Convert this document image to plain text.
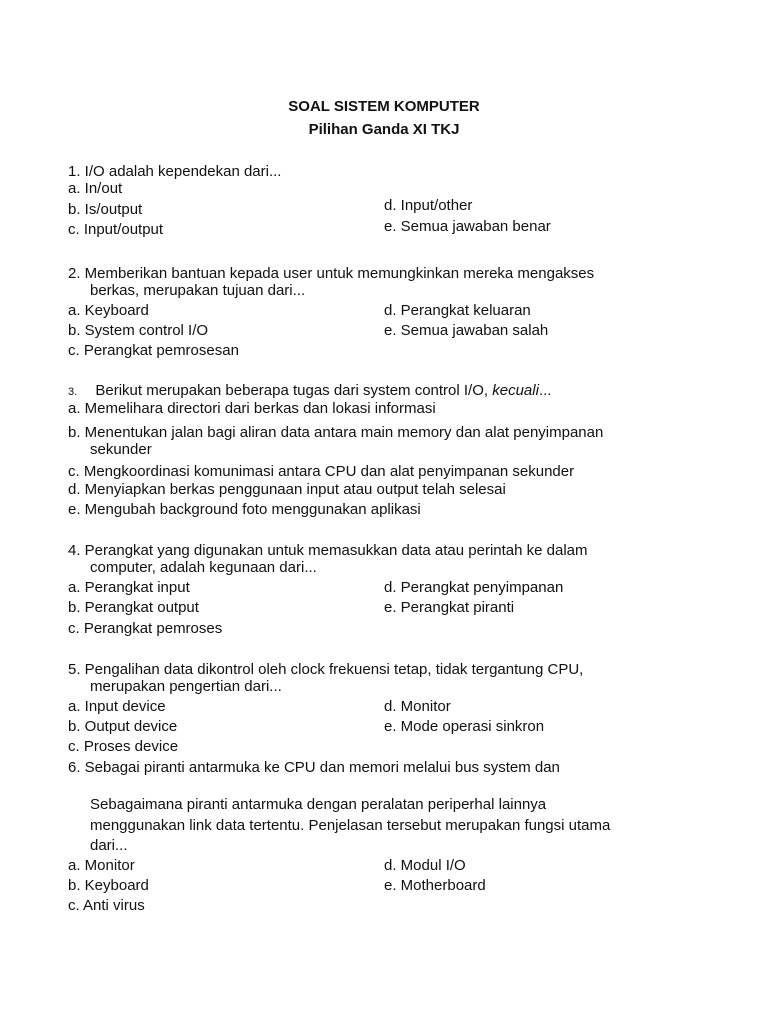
SOAL SISTEM KOMPUTER
Pilihan Ganda XI TKJ
1. I/O adalah kependekan dari...
a. In/out
b. Is/output
c. Input/output
d. Input/other
e. Semua jawaban benar
2. Memberikan bantuan kepada user untuk memungkinkan mereka mengakses
berkas, merupakan tujuan dari...
a. Keyboard
b. System control I/O
c. Perangkat pemrosesan
d. Perangkat keluaran
e. Semua jawaban salah
3. Berikut merupakan beberapa tugas dari system control I/O, kecuali...
a. Memelihara directori dari berkas dan lokasi informasi
b. Menentukan jalan bagi aliran data antara main memory dan alat penyimpanan
sekunder
c. Mengkoordinasi komunimasi antara CPU dan alat penyimpanan sekunder
d. Menyiapkan berkas penggunaan input atau output telah selesai
e. Mengubah background foto menggunakan aplikasi
4. Perangkat yang digunakan untuk memasukkan data atau perintah ke dalam
computer, adalah kegunaan dari...
a. Perangkat input
b. Perangkat output
c. Perangkat pemroses
d. Perangkat penyimpanan
e. Perangkat piranti
5. Pengalihan data dikontrol oleh clock frekuensi tetap, tidak tergantung CPU,
merupakan pengertian dari...
a. Input device
b. Output device
c. Proses device
d. Monitor
e. Mode operasi sinkron
6. Sebagai piranti antarmuka ke CPU dan memori melalui bus system dan
Sebagaimana piranti antarmuka dengan peralatan periperhal lainnya
menggunakan link data tertentu. Penjelasan tersebut merupakan fungsi utama
dari...
a. Monitor
b. Keyboard
c. Anti virus
d. Modul I/O
e. Motherboard
